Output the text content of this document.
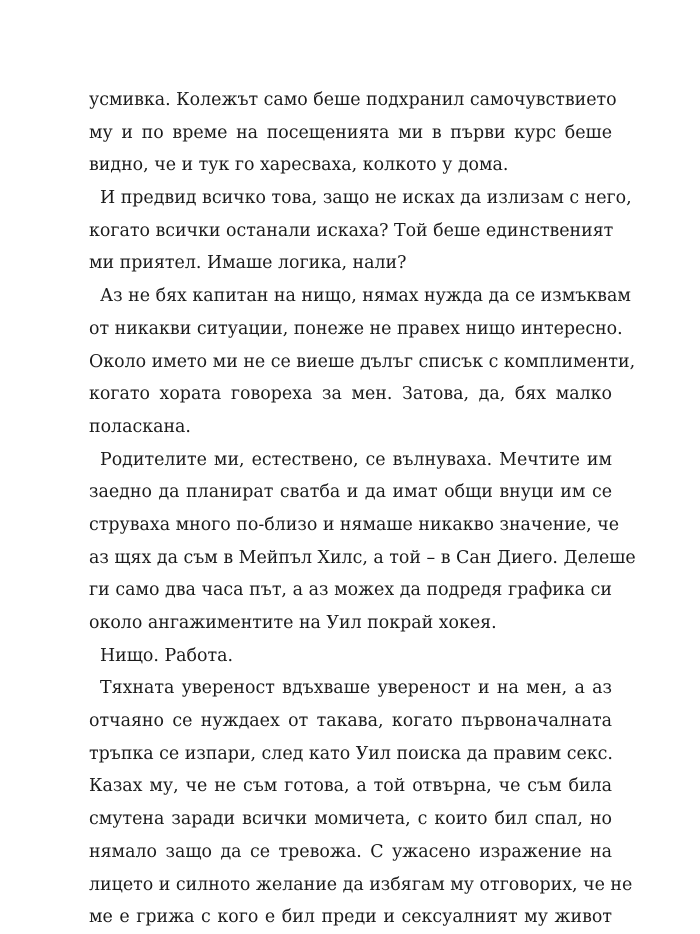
усмивка. Колежът само беше подхранил самочувствието
му и по време на посещенията ми в първи курс беше
видно, че и тук го харесваха, колкото у дома.
И предвид всичко това, защо не исках да излизам с него,
когато всички останали искаха? Той беше единственият
ми приятел. Имаше логика, нали?
Аз не бях капитан на нищо, нямах нужда да се измъквам
от никакви ситуации, понеже не правех нищо интересно.
Около името ми не се виеше дълъг списък с комплименти,
когато хората говореха за мен. Затова, да, бях малко
поласкана.
Родителите ми, естествено, се вълнуваха. Мечтите им
заедно да планират сватба и да имат общи внуци им се
струваха много по-близо и нямаше никакво значение, че
аз щях да съм в Мейпъл Хилс, а той – в Сан Диего. Делеше
ги само два часа път, а аз можех да подредя графика си
около ангажиментите на Уил покрай хокея.
Нищо. Работа.
Тяхната увереност вдъхваше увереност и на мен, а аз
отчаяно се нуждаех от такава, когато първоначалната
тръпка се изпари, след като Уил поиска да правим секс.
Казах му, че не съм готова, а той отвърна, че съм била
смутена заради всички момичета, с които бил спал, но
нямало защо да се тревожа. С ужасено изражение на
лицето и силното желание да избягам му отговорих, че не
ме е грижа с кого е бил преди и сексуалният му живот
